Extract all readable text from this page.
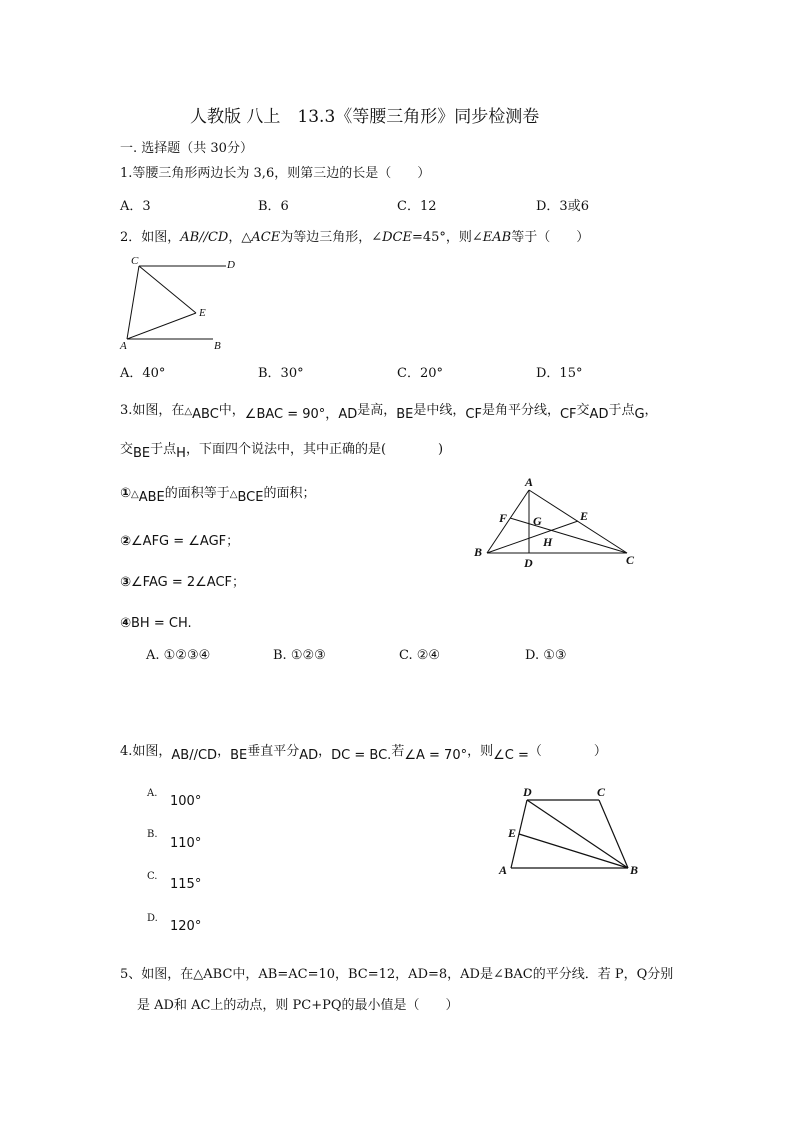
人教版 八上　13.3《等腰三角形》同步检测卷
一. 选择题（共 30分）
1.等腰三角形两边长为 3,6，则第三边的长是（　　）
A．3	B．6	C．12	D．3或6
2．如图，AB//CD，△ACE为等边三角形，∠DCE=45°，则∠EAB等于（　　）
C	D
E
A	B
A．40°	B．30°	C．20°	D．15°
3.如图，在△ABC中，∠BAC = 90°，AD是高，BE是中线，CF是角平分线，CF交AD于点G，
交BE于点H，下面四个说法中，其中正确的是(　　　　)
①△ABE的面积等于△BCE的面积；
②∠AFG = ∠AGF；
③∠FAG = 2∠ACF；
④BH = CH.
A
F G	E
H
B
D	C
A. ①②③④	B. ①②③	C. ②④	D. ①③
4.如图，AB//CD，BE垂直平分AD，DC = BC.若∠A = 70°，则∠C =（　　　　）
A.
100°
B.
110°
C.
115°
D.
120°
D	C
E
A	B
5、如图，在△ABC中，AB=AC=10，BC=12，AD=8，AD是∠BAC的平分线．若 P，Q分别
是 AD和 AC上的动点，则 PC+PQ的最小值是（　　）
